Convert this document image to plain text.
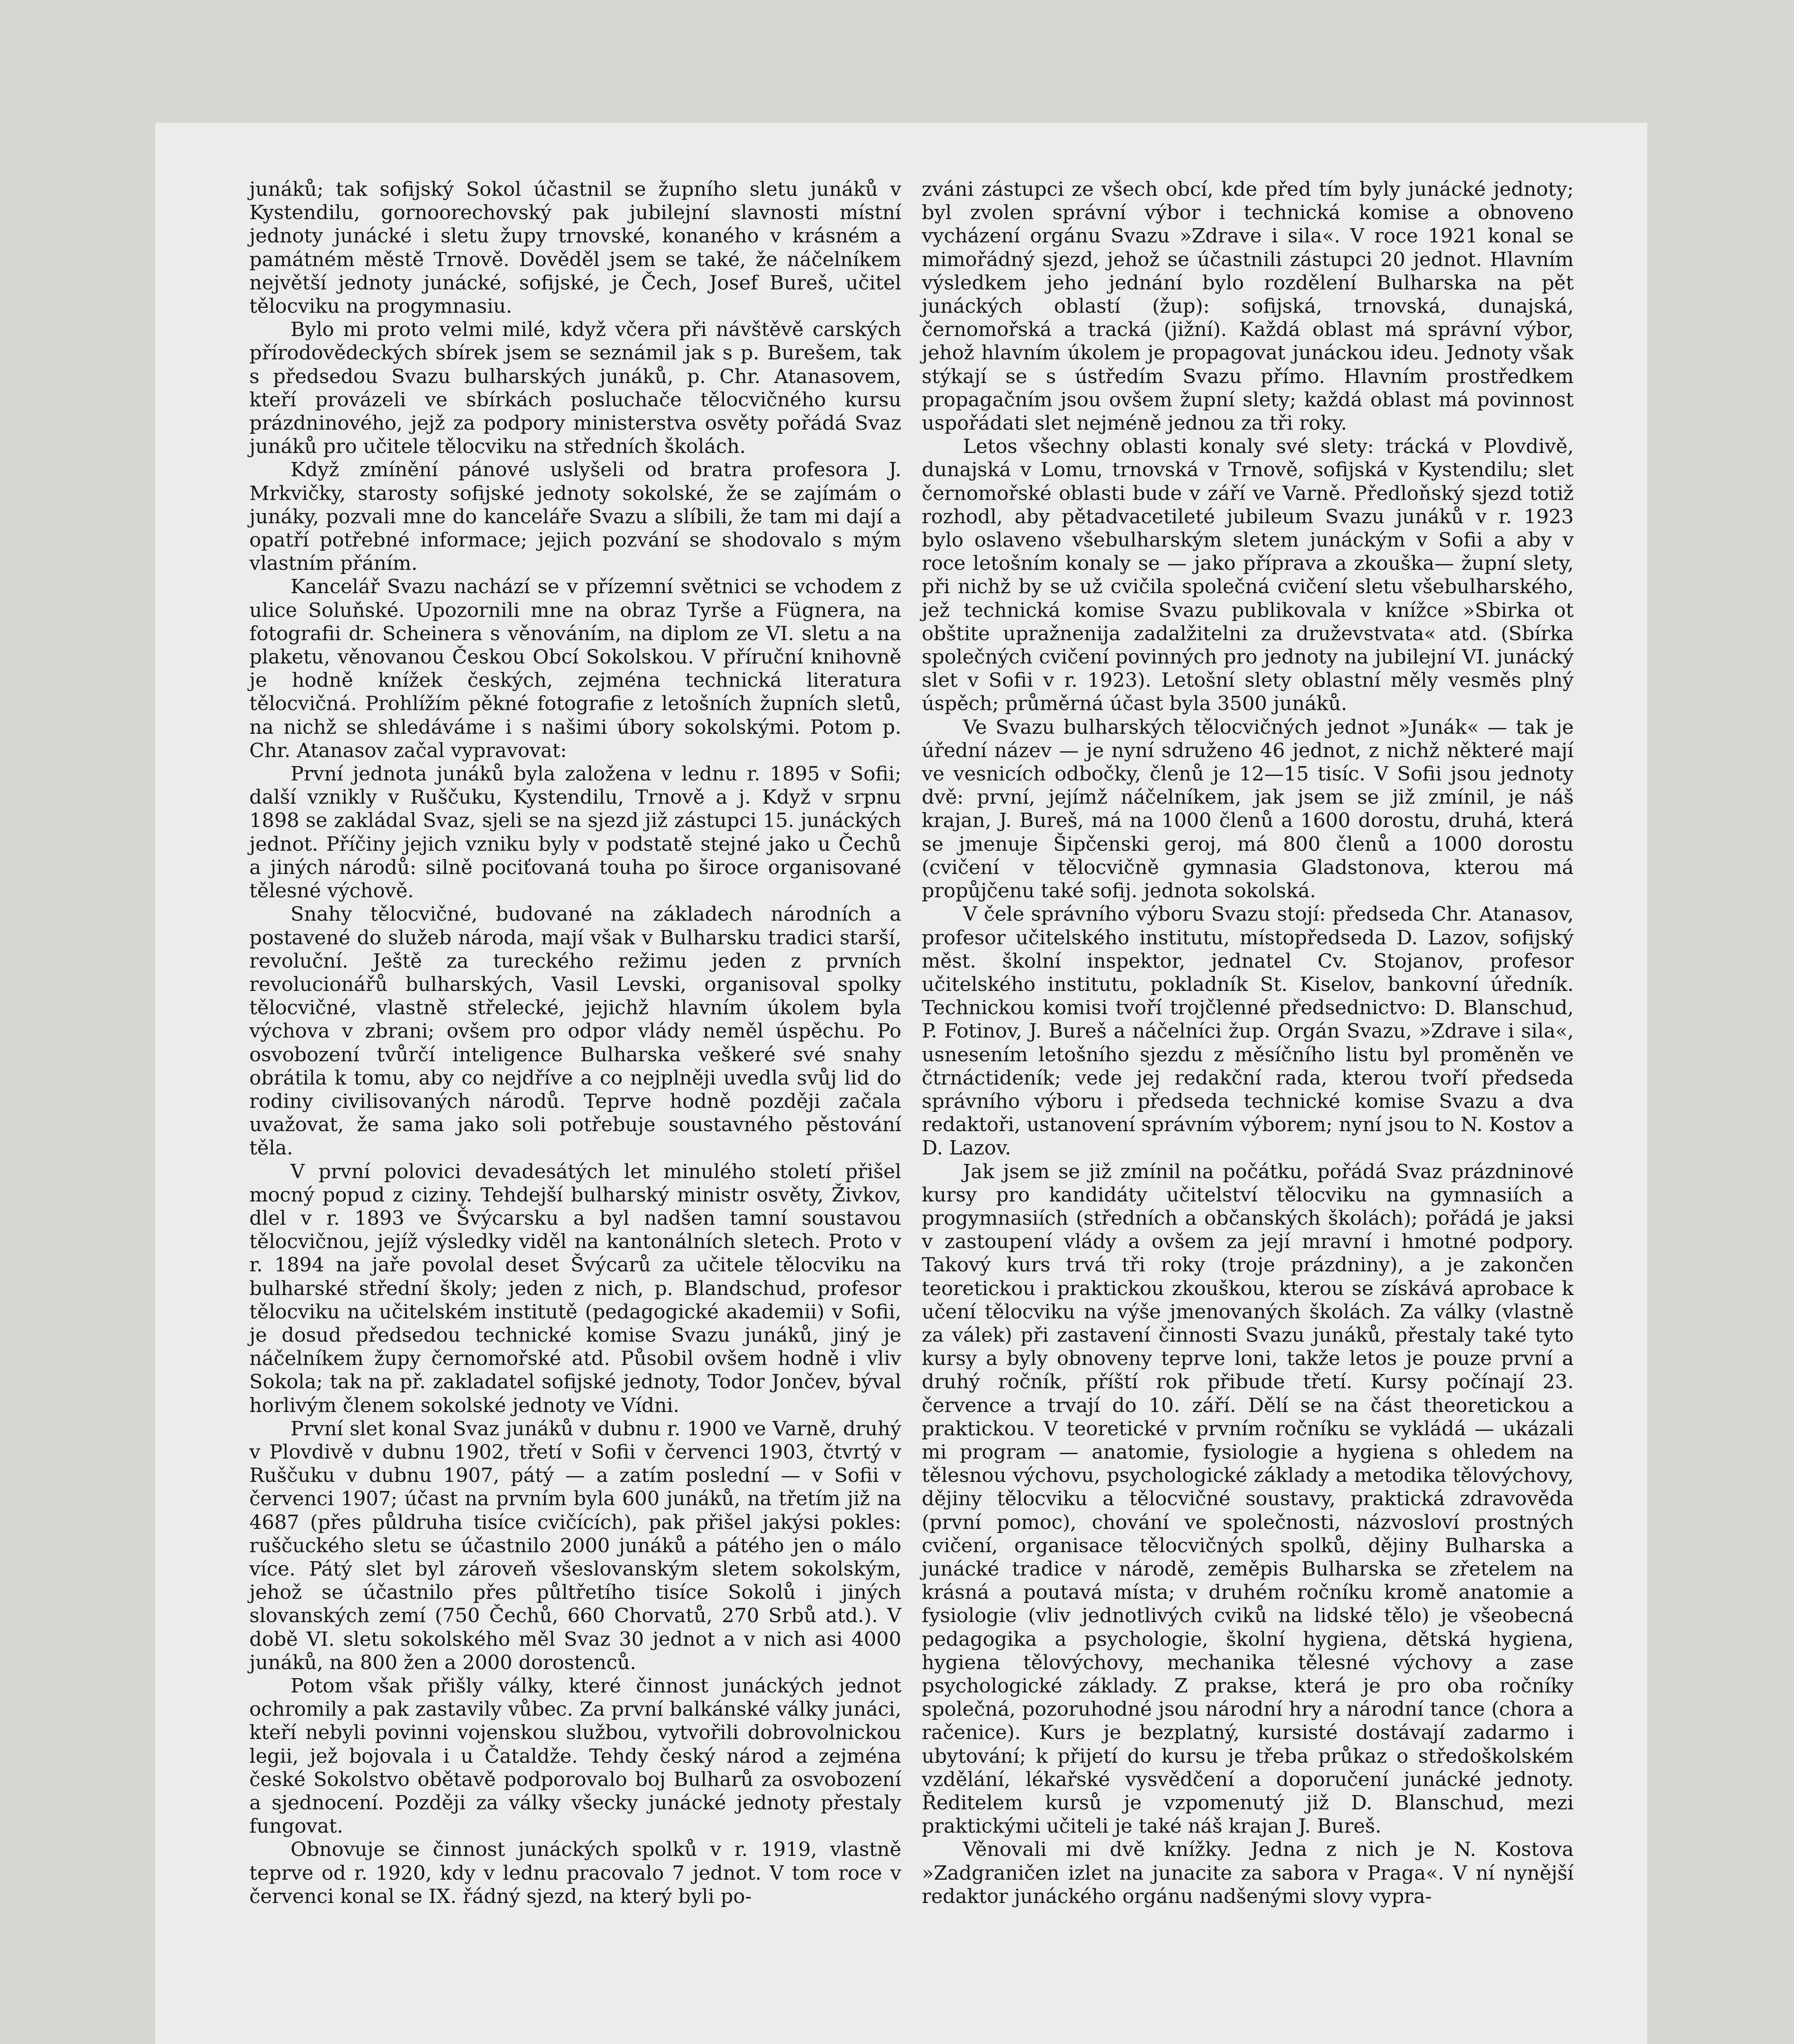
junáků; tak sofijský Sokol účastnil se župního sletu junáků v Kystendilu, gornoorechovský pak jubilejní slavnosti místní jednoty junácké i sletu župy trnovské, konaného v krásném a památném městě Trnově. Dověděl jsem se také, že náčelníkem největší jednoty junácké, sofijské, je Čech, Josef Bureš, učitel tělocviku na progymnasiu.

Bylo mi proto velmi milé, když včera při návštěvě carských přírodovědeckých sbírek jsem se seznámil jak s p. Burešem, tak s předsedou Svazu bulharských junáků, p. Chr. Atanasovem, kteří provázeli ve sbírkách posluchače tělocvičného kursu prázdninového, jejž za podpory ministerstva osvěty pořádá Svaz junáků pro učitele tělocviku na středních školách.

Když zmínění pánové uslyšeli od bratra profesora J. Mrkvičky, starosty sofijské jednoty sokolské, že se zajímám o junáky, pozvali mne do kanceláře Svazu a slíbili, že tam mi dají a opatří potřebné informace; jejich pozvání se shodovalo s mým vlastním přáním.

Kancelář Svazu nachází se v přízemní světnici se vchodem z ulice Soluňské. Upozornili mne na obraz Tyrše a Fügnera, na fotografii dr. Scheinera s věnováním, na diplom ze VI. sletu a na plaketu, věnovanou Českou Obcí Sokolskou. V příruční knihovně je hodně knížek českých, zejména technická literatura tělocvičná. Prohlížím pěkné fotografie z letošních župních sletů, na nichž se shledáváme i s našimi úbory sokolskými. Potom p. Chr. Atanasov začal vypravovat:

První jednota junáků byla založena v lednu r. 1895 v Sofii; další vznikly v Ruščuku, Kystendilu, Trnově a j. Když v srpnu 1898 se zakládal Svaz, sjeli se na sjezd již zástupci 15. junáckých jednot. Příčiny jejich vzniku byly v podstatě stejné jako u Čechů a jiných národů: silně pociťovaná touha po široce organisované tělesné výchově.

Snahy tělocvičné, budované na základech národních a postavené do služeb národa, mají však v Bulharsku tradici starší, revoluční. Ještě za tureckého režimu jeden z prvních revolucionářů bulharských, Vasil Levski, organisoval spolky tělocvičné, vlastně střelecké, jejichž hlavním úkolem byla výchova v zbrani; ovšem pro odpor vlády neměl úspěchu. Po osvobození tvůrčí inteligence Bulharska veškeré své snahy obrátila k tomu, aby co nejdříve a co nejplněji uvedla svůj lid do rodiny civilisovaných národů. Teprve hodně později začala uvažovat, že sama jako soli potřebuje soustavného pěstování těla.

V první polovici devadesátých let minulého století přišel mocný popud z ciziny. Tehdejší bulharský ministr osvěty, Živkov, dlel v r. 1893 ve Švýcarsku a byl nadšen tamní soustavou tělocvičnou, jejíž výsledky viděl na kantonálních sletech. Proto v r. 1894 na jaře povolal deset Švýcarů za učitele tělocviku na bulharské střední školy; jeden z nich, p. Blandschud, profesor tělocviku na učitelském institutě (pedagogické akademii) v Sofii, je dosud předsedou technické komise Svazu junáků, jiný je náčelníkem župy černomořské atd. Působil ovšem hodně i vliv Sokola; tak na př. zakladatel sofijské jednoty, Todor Jončev, býval horlivým členem sokolské jednoty ve Vídni.

První slet konal Svaz junáků v dubnu r. 1900 ve Varně, druhý v Plovdivě v dubnu 1902, třetí v Sofii v červenci 1903, čtvrtý v Ruščuku v dubnu 1907, pátý — a zatím poslední — v Sofii v červenci 1907; účast na prvním byla 600 junáků, na třetím již na 4687 (přes půldruha tisíce cvičících), pak přišel jakýsi pokles: ruščuckého sletu se účastnilo 2000 junáků a pátého jen o málo více. Pátý slet byl zároveň všeslovanským sletem sokolským, jehož se účastnilo přes půltřetího tisíce Sokolů i jiných slovanských zemí (750 Čechů, 660 Chorvatů, 270 Srbů atd.). V době VI. sletu sokolského měl Svaz 30 jednot a v nich asi 4000 junáků, na 800 žen a 2000 dorostenců.

Potom však přišly války, které činnost junáckých jednot ochromily a pak zastavily vůbec. Za první balkánské války junáci, kteří nebyli povinni vojenskou službou, vytvořili dobrovolnickou legii, jež bojovala i u Čataldže. Tehdy český národ a zejména české Sokolstvo obětavě podporovalo boj Bulharů za osvobození a sjednocení. Později za války všecky junácké jednoty přestaly fungovat.

Obnovuje se činnost junáckých spolků v r. 1919, vlastně teprve od r. 1920, kdy v lednu pracovalo 7 jednot. V tom roce v červenci konal se IX. řádný sjezd, na který byli po-

zváni zástupci ze všech obcí, kde před tím byly junácké jednoty; byl zvolen správní výbor i technická komise a obnoveno vycházení orgánu Svazu »Zdrave i sila«. V roce 1921 konal se mimořádný sjezd, jehož se účastnili zástupci 20 jednot. Hlavním výsledkem jeho jednání bylo rozdělení Bulharska na pět junáckých oblastí (žup): sofijská, trnovská, dunajská, černomořská a tracká (jižní). Každá oblast má správní výbor, jehož hlavním úkolem je propagovat junáckou ideu. Jednoty však stýkají se s ústředím Svazu přímo. Hlavním prostředkem propagačním jsou ovšem župní slety; každá oblast má povinnost uspořádati slet nejméně jednou za tři roky.

Letos všechny oblasti konaly své slety: trácká v Plovdivě, dunajská v Lomu, trnovská v Trnově, sofijská v Kystendilu; slet černomořské oblasti bude v září ve Varně. Předloňský sjezd totiž rozhodl, aby pětadvacetileté jubileum Svazu junáků v r. 1923 bylo oslaveno všebulharským sletem junáckým v Sofii a aby v roce letošním konaly se — jako příprava a zkouška— župní slety, při nichž by se už cvičila společná cvičení sletu všebulharského, jež technická komise Svazu publikovala v knížce »Sbirka ot obštite upražnenija zadalžitelni za druževstvata« atd. (Sbírka společných cvičení povinných pro jednoty na jubilejní VI. junácký slet v Sofii v r. 1923). Letošní slety oblastní měly vesměs plný úspěch; průměrná účast byla 3500 junáků.

Ve Svazu bulharských tělocvičných jednot »Junák« — tak je úřední název — je nyní sdruženo 46 jednot, z nichž některé mají ve vesnicích odbočky, členů je 12—15 tisíc. V Sofii jsou jednoty dvě: první, jejímž náčelníkem, jak jsem se již zmínil, je náš krajan, J. Bureš, má na 1000 členů a 1600 dorostu, druhá, která se jmenuje Šipčenski geroj, má 800 členů a 1000 dorostu (cvičení v tělocvičně gymnasia Gladstonova, kterou má propůjčenu také sofij. jednota sokolská.

V čele správního výboru Svazu stojí: předseda Chr. Atanasov, profesor učitelského institutu, místopředseda D. Lazov, sofijský měst. školní inspektor, jednatel Cv. Stojanov, profesor učitelského institutu, pokladník St. Kiselov, bankovní úředník. Technickou komisi tvoří trojčlenné předsednictvo: D. Blanschud, P. Fotinov, J. Bureš a náčelníci žup. Orgán Svazu, »Zdrave i sila«, usnesením letošního sjezdu z měsíčního listu byl proměněn ve čtrnáctideník; vede jej redakční rada, kterou tvoří předseda správního výboru i předseda technické komise Svazu a dva redaktoři, ustanovení správním výborem; nyní jsou to N. Kostov a D. Lazov.

Jak jsem se již zmínil na počátku, pořádá Svaz prázdninové kursy pro kandidáty učitelství tělocviku na gymnasiích a progymnasiích (středních a občanských školách); pořádá je jaksi v zastoupení vlády a ovšem za její mravní i hmotné podpory. Takový kurs trvá tři roky (troje prázdniny), a je zakončen teoretickou i praktickou zkouškou, kterou se získává aprobace k učení tělocviku na výše jmenovaných školách. Za války (vlastně za válek) při zastavení činnosti Svazu junáků, přestaly také tyto kursy a byly obnoveny teprve loni, takže letos je pouze první a druhý ročník, příští rok přibude třetí. Kursy počínají 23. července a trvají do 10. září. Dělí se na část theoretickou a praktickou. V teoretické v prvním ročníku se vykládá — ukázali mi program — anatomie, fysiologie a hygiena s ohledem na tělesnou výchovu, psychologické základy a metodika tělovýchovy, dějiny tělocviku a tělocvičné soustavy, praktická zdravověda (první pomoc), chování ve společnosti, názvosloví prostných cvičení, organisace tělocvičných spolků, dějiny Bulharska a junácké tradice v národě, zeměpis Bulharska se zřetelem na krásná a poutavá místa; v druhém ročníku kromě anatomie a fysiologie (vliv jednotlivých cviků na lidské tělo) je všeobecná pedagogika a psychologie, školní hygiena, dětská hygiena, hygiena tělovýchovy, mechanika tělesné výchovy a zase psychologické základy. Z prakse, která je pro oba ročníky společná, pozoruhodné jsou národní hry a národní tance (chora a račenice). Kurs je bezplatný, kursisté dostávají zadarmo i ubytování; k přijetí do kursu je třeba průkaz o středoškolském vzdělání, lékařské vysvědčení a doporučení junácké jednoty. Ředitelem kursů je vzpomenutý již D. Blanschud, mezi praktickými učiteli je také náš krajan J. Bureš.

Věnovali mi dvě knížky. Jedna z nich je N. Kostova »Zadgraničen izlet na junacite za sabora v Praga«. V ní nynější redaktor junáckého orgánu nadšenými slovy vypra-
